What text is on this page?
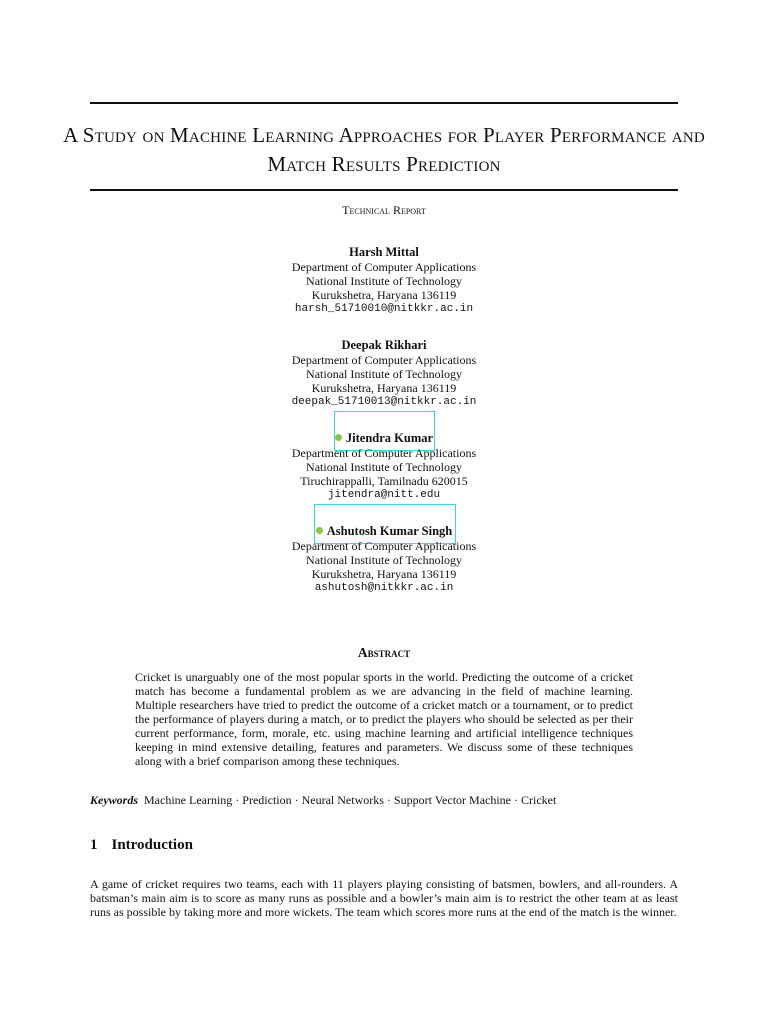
A Study on Machine Learning Approaches for Player Performance and Match Results Prediction
Technical Report
Harsh Mittal
Department of Computer Applications
National Institute of Technology
Kurukshetra, Haryana 136119
harsh_51710010@nitkkr.ac.in
Deepak Rikhari
Department of Computer Applications
National Institute of Technology
Kurukshetra, Haryana 136119
deepak_51710013@nitkkr.ac.in
Jitendra Kumar
Department of Computer Applications
National Institute of Technology
Tiruchirappalli, Tamilnadu 620015
jitendra@nitt.edu
Ashutosh Kumar Singh
Department of Computer Applications
National Institute of Technology
Kurukshetra, Haryana 136119
ashutosh@nitkkr.ac.in
Abstract
Cricket is unarguably one of the most popular sports in the world. Predicting the outcome of a cricket match has become a fundamental problem as we are advancing in the field of machine learning. Multiple researchers have tried to predict the outcome of a cricket match or a tournament, or to predict the performance of players during a match, or to predict the players who should be selected as per their current performance, form, morale, etc. using machine learning and artificial intelligence techniques keeping in mind extensive detailing, features and parameters. We discuss some of these techniques along with a brief comparison among these techniques.
Keywords Machine Learning · Prediction · Neural Networks · Support Vector Machine · Cricket
1 Introduction
A game of cricket requires two teams, each with 11 players playing consisting of batsmen, bowlers, and all-rounders. A batsman’s main aim is to score as many runs as possible and a bowler’s main aim is to restrict the other team at as least runs as possible by taking more and more wickets. The team which scores more runs at the end of the match is the winner.
